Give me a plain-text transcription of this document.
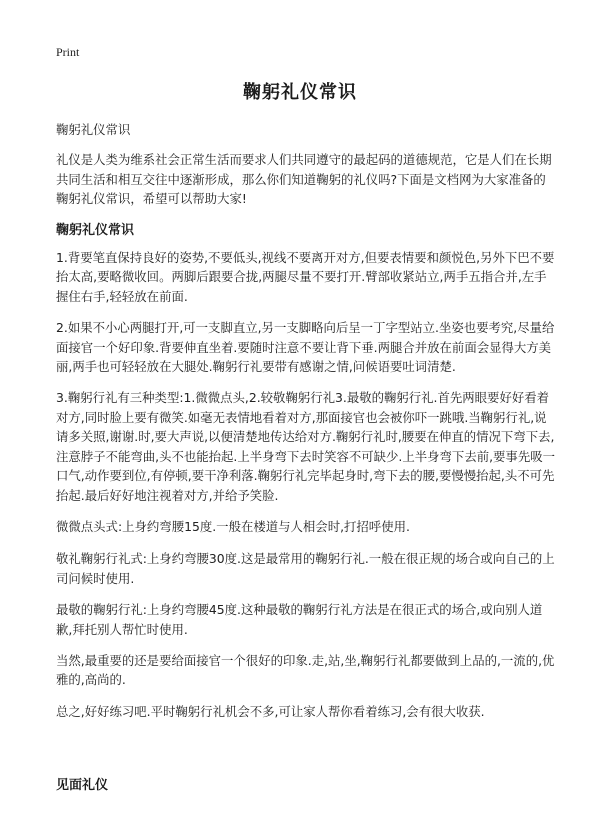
Print
鞠躬礼仪常识

鞠躬礼仪常识

礼仪是人类为维系社会正常生活而要求人们共同遵守的最起码的道德规范，它是人们在长期共同生活和相互交往中逐渐形成，那么你们知道鞠躬的礼仪吗?下面是文档网为大家准备的鞠躬礼仪常识，希望可以帮助大家!

鞠躬礼仪常识

1.背要笔直保持良好的姿势,不要低头,视线不要离开对方,但要表情要和颜悦色,另外下巴不要抬太高,要略微收回。两脚后跟要合拢,两腿尽量不要打开.臂部收紧站立,两手五指合并,左手握住右手,轻轻放在前面.

2.如果不小心两腿打开,可一支脚直立,另一支脚略向后呈一丁字型站立.坐姿也要考究,尽量给面接官一个好印象.背要伸直坐着.要随时注意不要让背下垂.两腿合并放在前面会显得大方美丽,两手也可轻轻放在大腿处.鞠躬行礼要带有感谢之情,问候语要吐词清楚.

3.鞠躬行礼有三种类型:1.微微点头,2.较敬鞠躬行礼3.最敬的鞠躬行礼.首先两眼要好好看着对方,同时脸上要有微笑.如毫无表情地看着对方,那面接官也会被你吓一跳哦.当鞠躬行礼,说请多关照,谢谢.时,要大声说,以便清楚地传达给对方.鞠躬行礼时,腰要在伸直的情况下弯下去,注意脖子不能弯曲,头不也能抬起.上半身弯下去时笑容不可缺少.上半身弯下去前,要事先吸一口气,动作要到位,有停顿,要干净利落.鞠躬行礼完毕起身时,弯下去的腰,要慢慢抬起,头不可先抬起.最后好好地注视着对方,并给予笑脸.

微微点头式:上身约弯腰15度.一般在楼道与人相会时,打招呼使用.

敬礼鞠躬行礼式:上身约弯腰30度.这是最常用的鞠躬行礼.一般在很正规的场合或向自己的上司问候时使用.

最敬的鞠躬行礼:上身约弯腰45度.这种最敬的鞠躬行礼方法是在很正式的场合,或向别人道歉,拜托别人帮忙时使用.

当然,最重要的还是要给面接官一个很好的印象.走,站,坐,鞠躬行礼都要做到上品的,一流的,优雅的,高尚的.

总之,好好练习吧.平时鞠躬行礼机会不多,可让家人帮你看着练习,会有很大收获.

见面礼仪
